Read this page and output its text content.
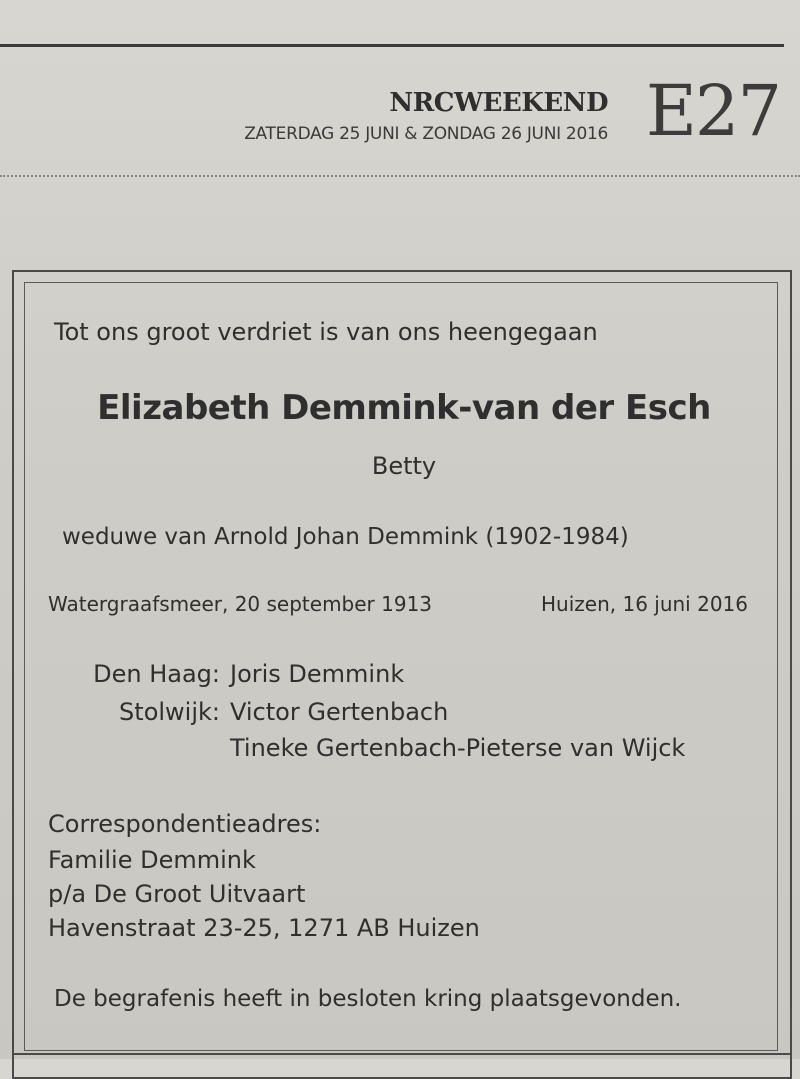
NRCWEEKEND
ZATERDAG 25 JUNI & ZONDAG 26 JUNI 2016 E27
Tot ons groot verdriet is van ons heengegaan
Elizabeth Demmink-van der Esch
Betty
weduwe van Arnold Johan Demmink (1902-1984)
Watergraafsmeer, 20 september 1913	Huizen, 16 juni 2016
Den Haag: Joris Demmink
Stolwijk: Victor Gertenbach
Tineke Gertenbach-Pieterse van Wijck
Correspondentieadres:
Familie Demmink
p/a De Groot Uitvaart
Havenstraat 23-25, 1271 AB Huizen
De begrafenis heeft in besloten kring plaatsgevonden.
